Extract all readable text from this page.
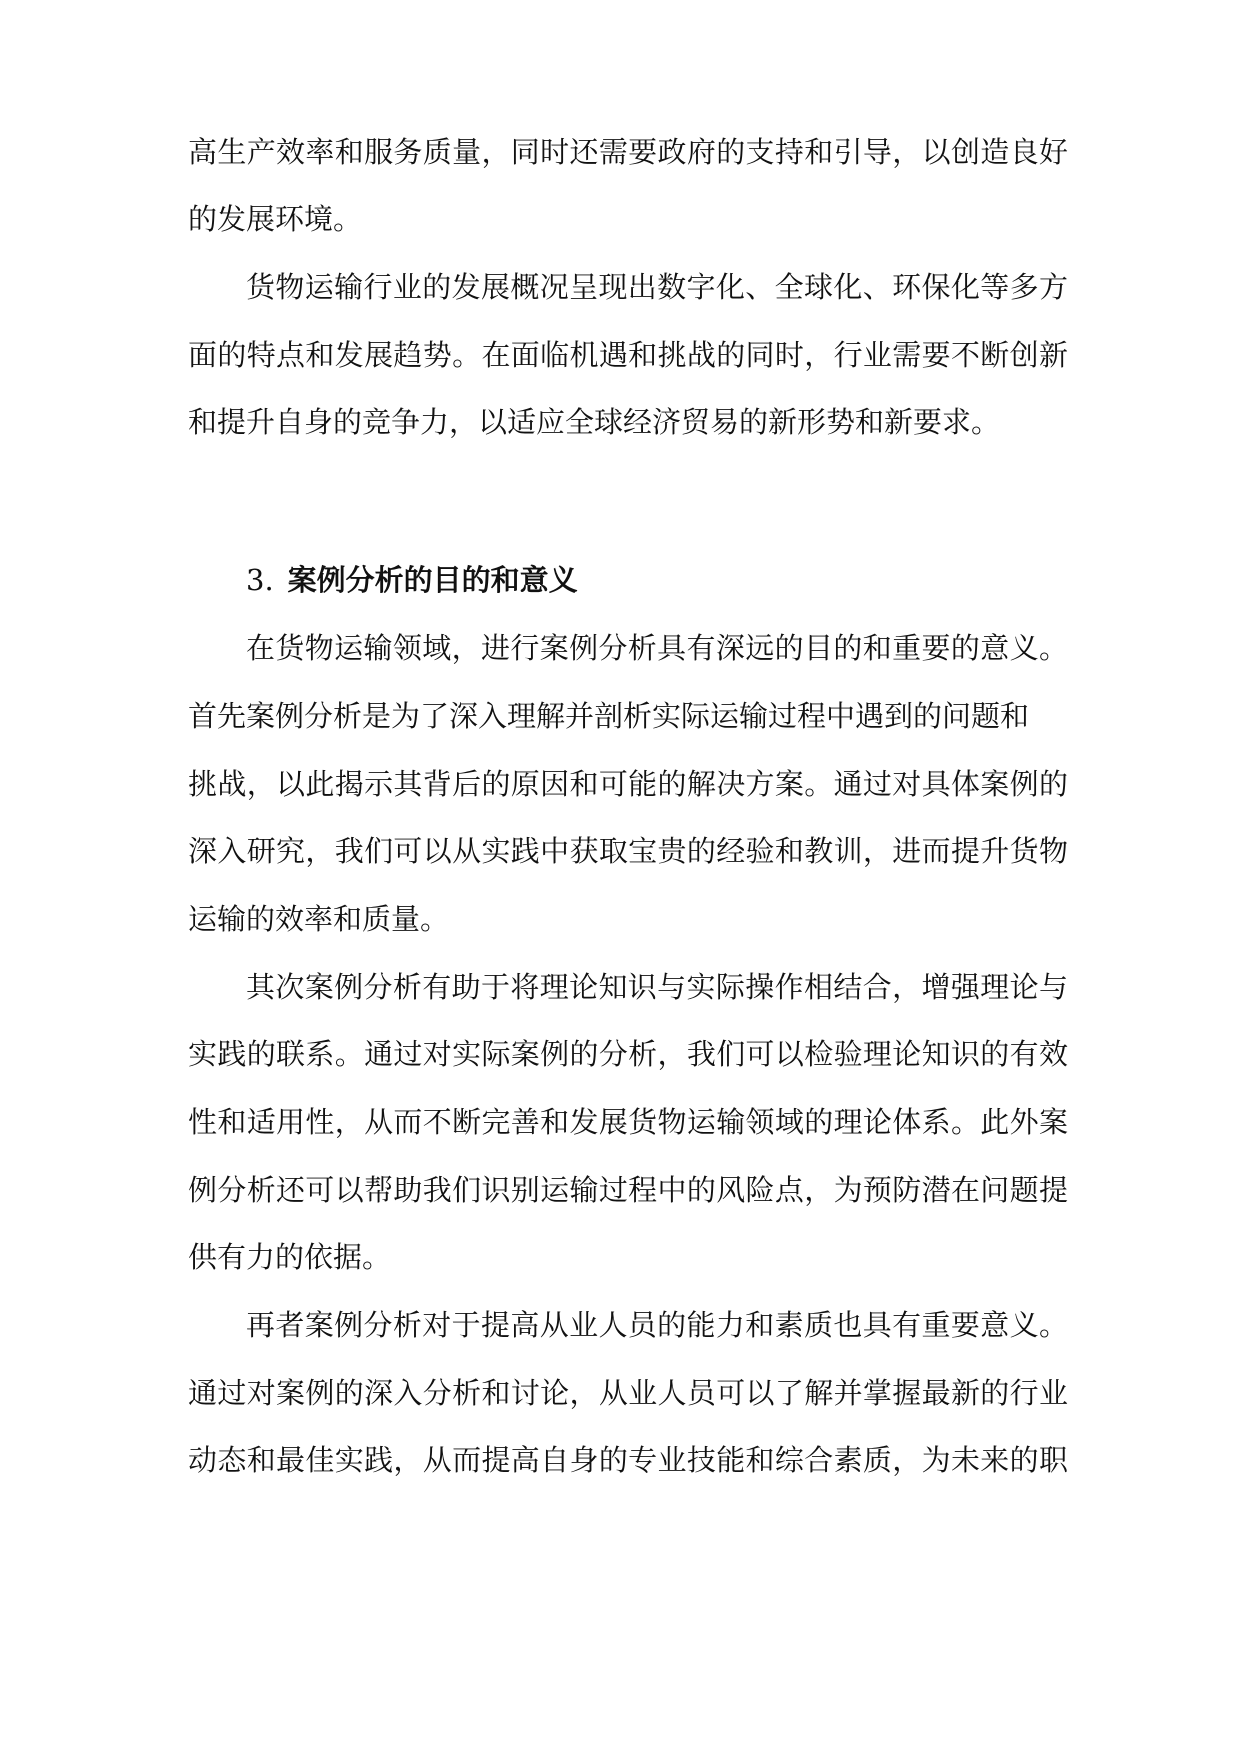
高生产效率和服务质量，同时还需要政府的支持和引导，以创造良好
的发展环境。
货物运输行业的发展概况呈现出数字化、全球化、环保化等多方
面的特点和发展趋势。在面临机遇和挑战的同时，行业需要不断创新
和提升自身的竞争力，以适应全球经济贸易的新形势和新要求。
3. 案例分析的目的和意义
在货物运输领域，进行案例分析具有深远的目的和重要的意义。
首先案例分析是为了深入理解并剖析实际运输过程中遇到的问题和
挑战，以此揭示其背后的原因和可能的解决方案。通过对具体案例的
深入研究，我们可以从实践中获取宝贵的经验和教训，进而提升货物
运输的效率和质量。
其次案例分析有助于将理论知识与实际操作相结合，增强理论与
实践的联系。通过对实际案例的分析，我们可以检验理论知识的有效
性和适用性，从而不断完善和发展货物运输领域的理论体系。此外案
例分析还可以帮助我们识别运输过程中的风险点，为预防潜在问题提
供有力的依据。
再者案例分析对于提高从业人员的能力和素质也具有重要意义。
通过对案例的深入分析和讨论，从业人员可以了解并掌握最新的行业
动态和最佳实践，从而提高自身的专业技能和综合素质，为未来的职
